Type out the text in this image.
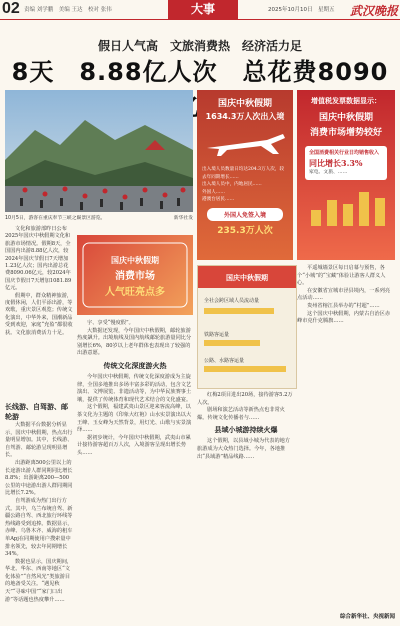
02 责编 刘学鹏　美编 王达　校对 张伟	大事	2025年10月10日　星期五 武汉晚报
假日人气高　文旅消费热　经济活力足
8天　8.88亿人次　总花费8090
10月5日，游客在重庆奉节三峡之巅景区游览。	新华社发

文化和旅游部昨日公布2025年国庆中秋假期文化和旅游市场情况。假期8天，全国国内出游8.88亿人次，较2024年国庆节假日7天增加1.23亿人次；国内出游总花费8090.06亿元，较2024年国庆节假日7天增加1081.89亿元。

假期中，群众精神旅游，度假休闲，人们平添出游，等欢歌，重庆景区观览；传统文化演出，中华外来，国潮新品受到欢迎，家庭“充盈”都很收获。文化旅消费活力十足。

长线游、自驾游、邮轮游

大数据平台数据分析显示，国庆中秋假期，热点出行量明显增加。其中，长线游、自驾游、邮轮游呈现明显增长。

出游距离500公里以上的长途游出游人群同期同比增长8.8%；出游距离200—500公里的中途游出游人群同期同比增长7.2%。

自驾游成为热门出行方式。其中，乌兰布统自驾、新疆公路自驾、西北旅行环线等热线路受到追捧。数据显示，赤峰、乌鲁木齐、威海的租车单Apj在同期使用户搜索量中排名领先，较去年同期增长34%。

数据也显示，国庆期间，华北、华东、西南等地区“文化体验”“自然风光”类旅游目的地备受关注。“遇见秋天”“寻味中国”“家门口出游”等话题也热度攀升……

国庆中秋假期
消费市场
人气旺亮点多

宇、享受“慢度假”。

大数据还发现，今年国庆中秋假期，邮轮旅游热度飙升。出境航线及国内航线邮轮旅游量同比分别增长6%，80岁以上老年群体也表现出了较强的出游意愿。

传统文化深度游火热

今年国庆中秋假期，传统文化深度游成为主旋律，全国多地推出多场丰富多彩的活动，包含文艺演出、文博展览、非遗活动等，为中华民族赛事土壤，提供了传统体育和现代艺术结合的文化盛宴。

这个假期，福建武夷山景区迎来客流高峰，以茶文化为主题的《印象大红袍》山水实景演出以大王峰、玉女峰为天然背景，用灯光、山歌与实景演绎……

据初步统计，今年国庆中秋假期，武夷山市累计接待游客超百万人次，入境游客呈现出增长势头……

国庆中秋假期
1634.3万人次出入境
出入境人员数量日均达204.3万人次，较去年同期增长……
出入境人员中，内地居民……
外国人……
港澳台居民……
外国人免签入境
235.3万人次
增值税发票数据显示：
国庆中秋假期
消费市场增势较好
全国消费相关行业日均销售收入
同比增长3.3%
家电、文旅、……
国庆中秋假期
全社会跨区域人员流动量
铁路客运量
公路、水路客运量

红梅2项目进出20场，接待游客5.2万人次。

剧场和演艺活动等新热点也非常火爆。传统文化传播者与……

县域小城游持续火爆

这个假期，以县域小城为代表的地方旅游成为大众热门选择。今年，各地推出“县域游”精品线路……

平遥城墙景区每日启幕与预售，各个“小城”的“宝藏”体验让游客人群义人心。

在安徽省宣城市泾县境内，一系列亮点活动……

贵州省榕江县举办的“村超”……

这个国庆中秋假期，内蒙古自治区赤峰市克什克腾旗……

综合新华社、央视新闻
